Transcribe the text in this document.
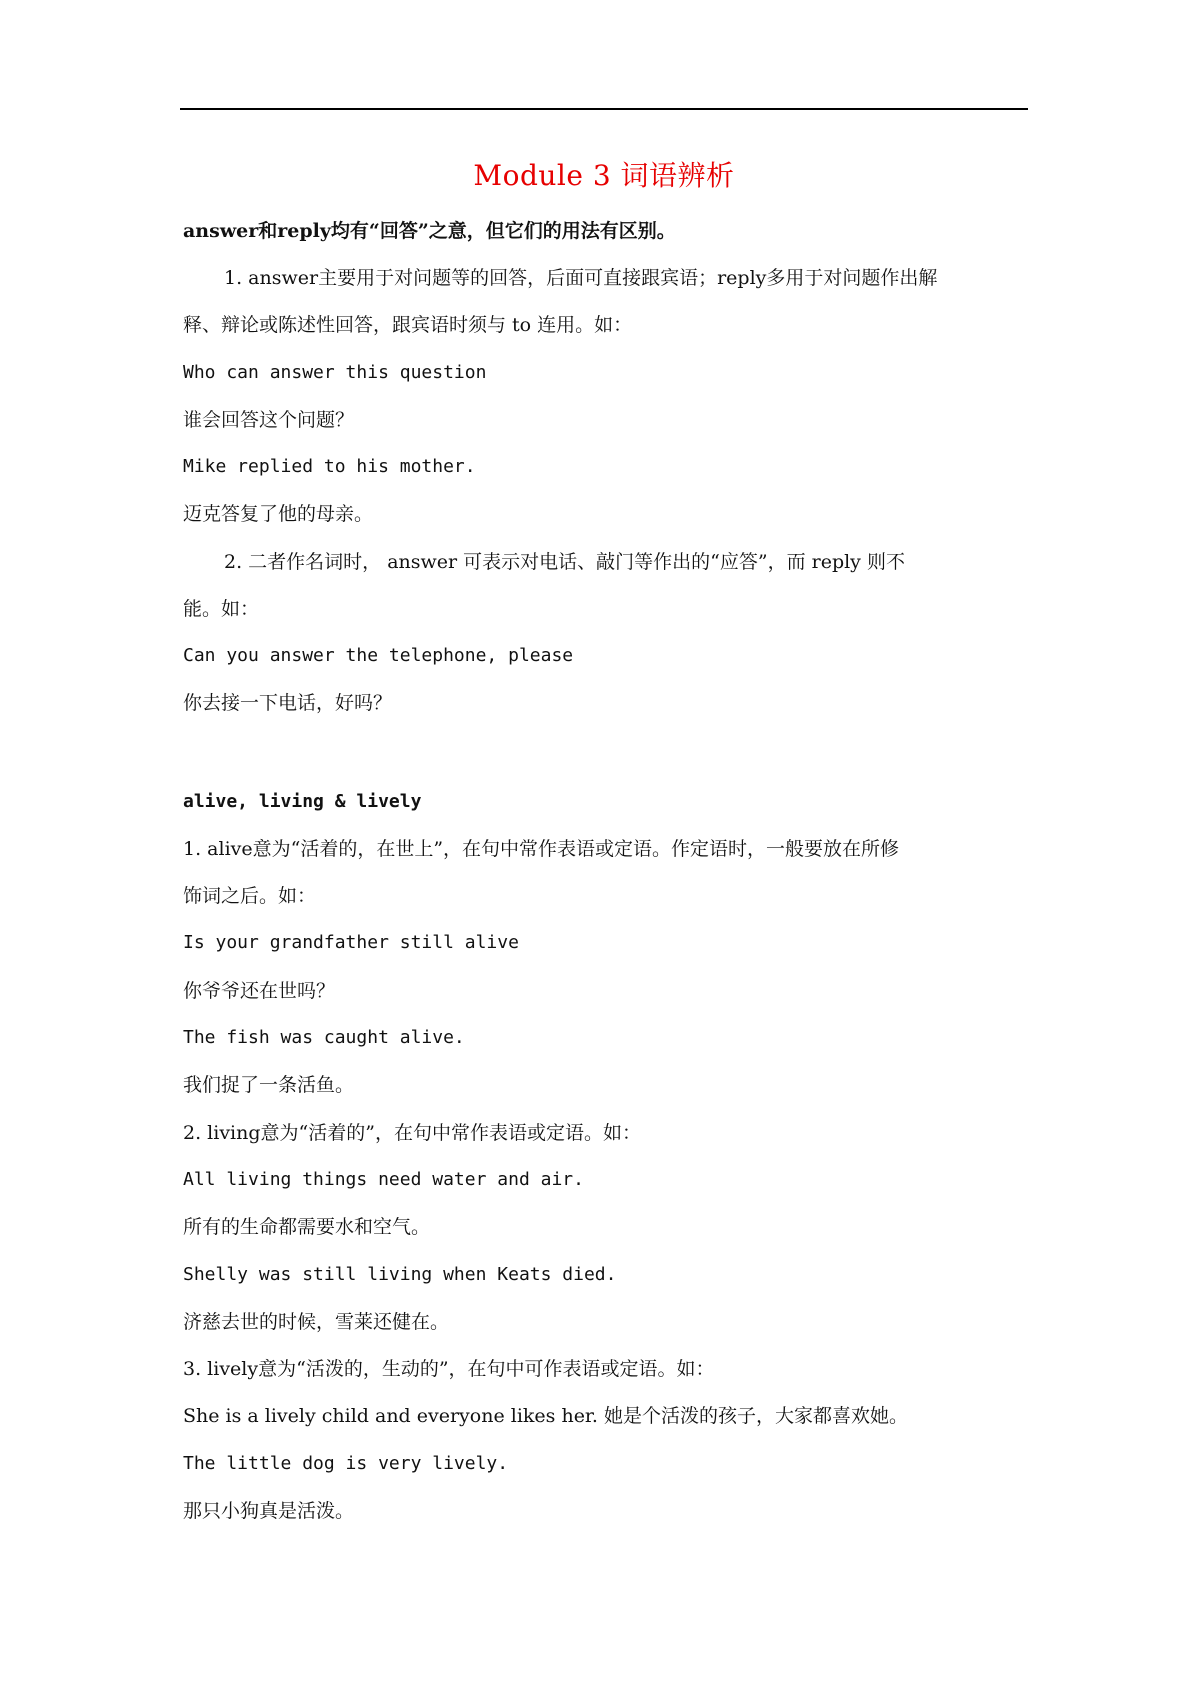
Module 3 词语辨析
answer和reply均有“回答”之意，但它们的用法有区别。
1. answer主要用于对问题等的回答，后面可直接跟宾语；reply多用于对问题作出解
释、辩论或陈述性回答，跟宾语时须与 to 连用。如：
Who can answer this question
谁会回答这个问题？
Mike replied to his mother.
迈克答复了他的母亲。
2. 二者作名词时， answer 可表示对电话、敲门等作出的“应答”，而 reply 则不
能。如：
Can you answer the telephone, please
你去接一下电话，好吗？
alive, living & lively
1. alive意为“活着的，在世上”，在句中常作表语或定语。作定语时，一般要放在所修
饰词之后。如：
Is your grandfather still alive
你爷爷还在世吗？
The fish was caught alive.
我们捉了一条活鱼。
2. living意为“活着的”，在句中常作表语或定语。如：
All living things need water and air.
所有的生命都需要水和空气。
Shelly was still living when Keats died.
济慈去世的时候，雪莱还健在。
3. lively意为“活泼的，生动的”，在句中可作表语或定语。如：
She is a lively child and everyone likes her. 她是个活泼的孩子，大家都喜欢她。
The little dog is very lively.
那只小狗真是活泼。
